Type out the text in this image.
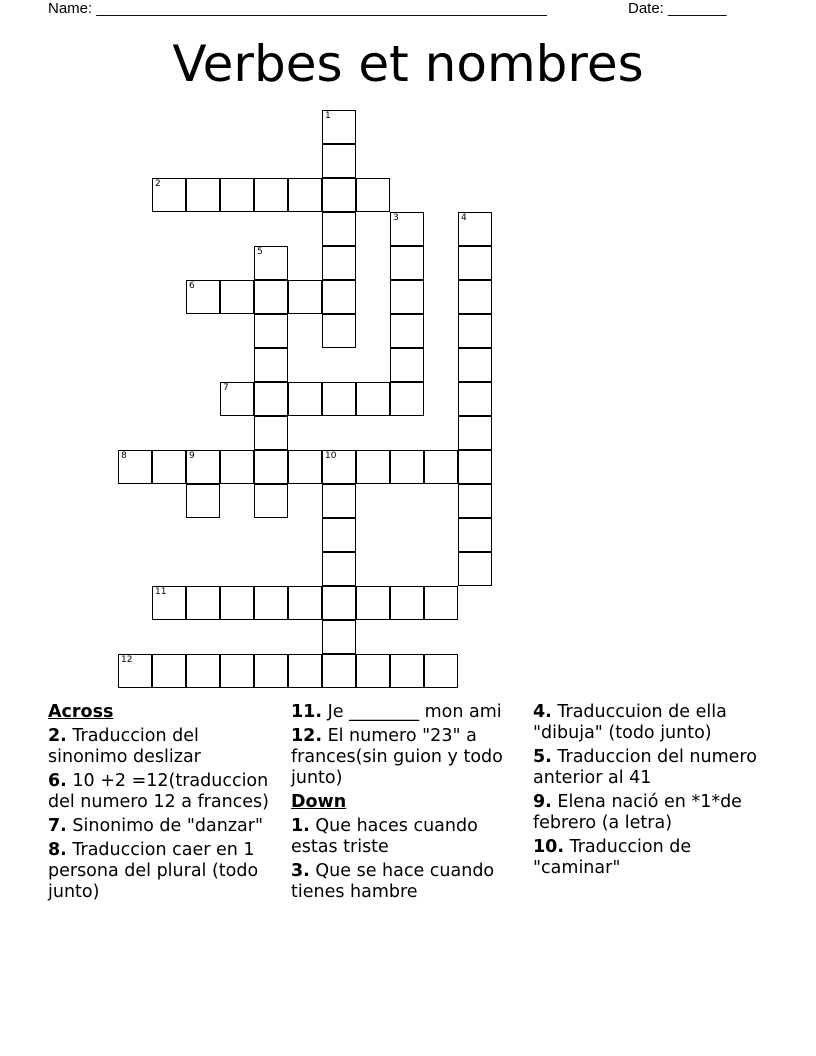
Name: ______________________________________________________	Date: _______
Verbes et nombres
1
2
3	4
5
6
7
8	9	10
11
12
Across
2. Traduccion del sinonimo deslizar
6. 10 +2 =12(traduccion del numero 12 a frances)
7. Sinonimo de "danzar"
8. Traduccion caer en 1 persona del plural (todo junto)
11. Je ________ mon ami
12. El numero "23" a frances(sin guion y todo junto)
Down
1. Que haces cuando estas triste
3. Que se hace cuando tienes hambre
4. Traduccuion de ella "dibuja" (todo junto)
5. Traduccion del numero anterior al 41
9. Elena nació en *1*de febrero (a letra)
10. Traduccion de "caminar"
